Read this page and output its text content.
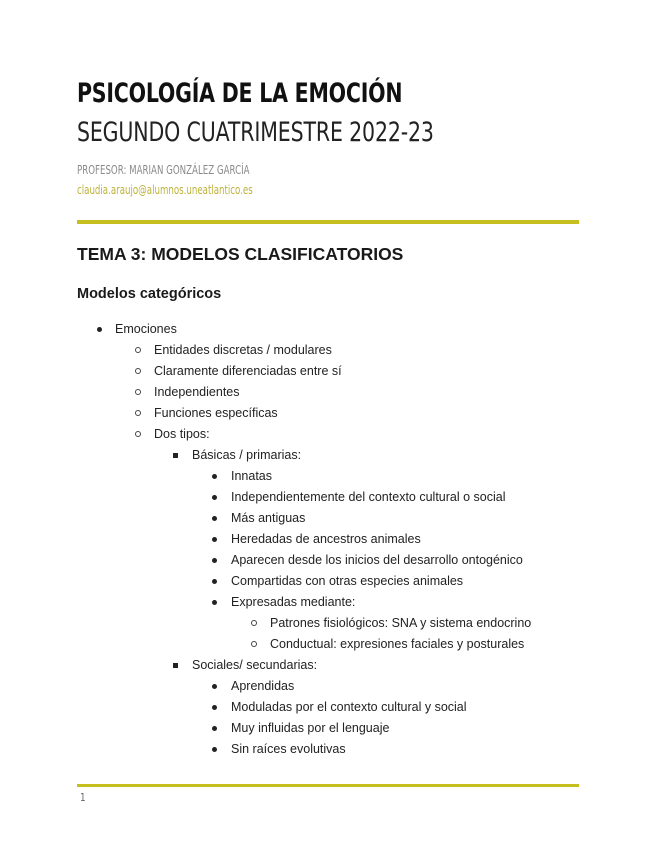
PSICOLOGÍA DE LA EMOCIÓN
SEGUNDO CUATRIMESTRE 2022-23
PROFESOR: MARIAN GONZÁLEZ GARCÍA
claudia.araujo@alumnos.uneatlantico.es
TEMA 3: MODELOS CLASIFICATORIOS
Modelos categóricos
Emociones
Entidades discretas / modulares
Claramente diferenciadas entre sí
Independientes
Funciones específicas
Dos tipos:
Básicas / primarias:
Innatas
Independientemente del contexto cultural o social
Más antiguas
Heredadas de ancestros animales
Aparecen desde los inicios del desarrollo ontogénico
Compartidas con otras especies animales
Expresadas mediante:
Patrones fisiológicos: SNA y sistema endocrino
Conductual: expresiones faciales y posturales
Sociales/ secundarias:
Aprendidas
Moduladas por el contexto cultural y social
Muy influidas por el lenguaje
Sin raíces evolutivas
1
